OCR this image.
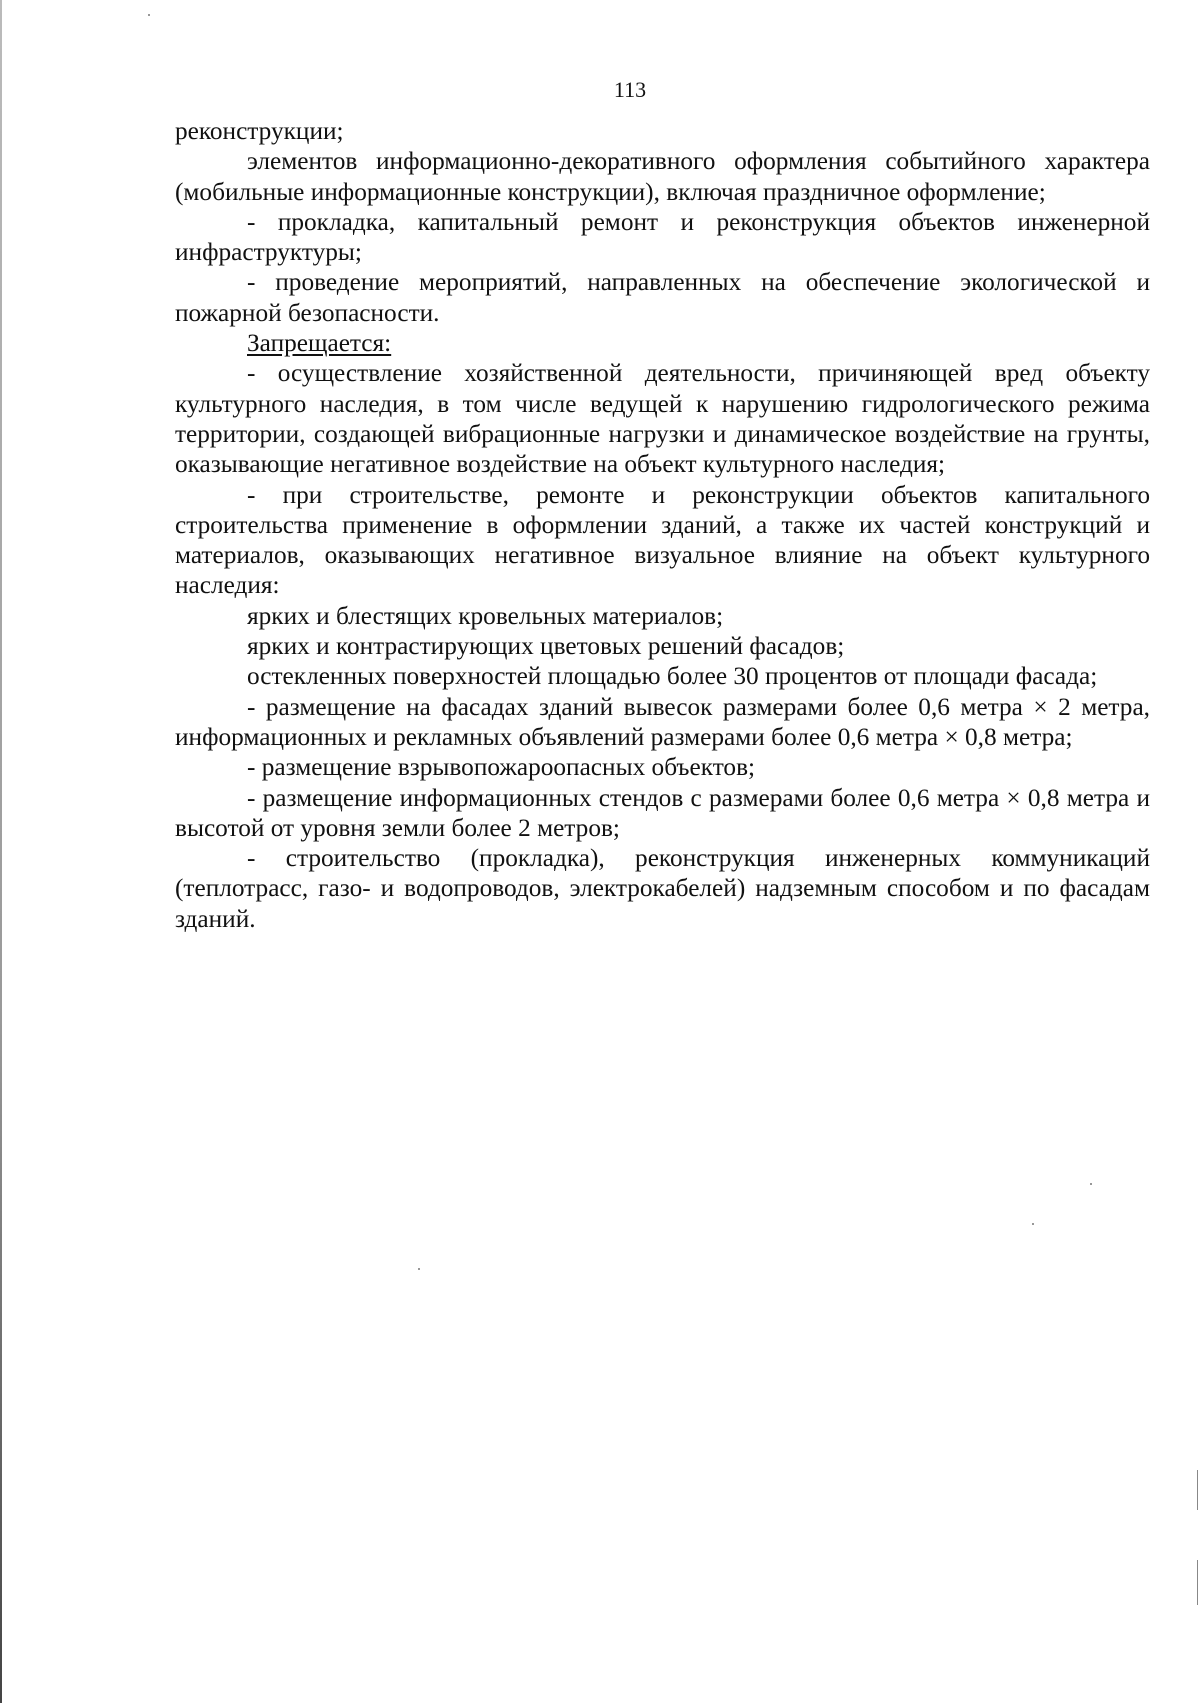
113

реконструкции;

элементов информационно-декоративного оформления событийного характера (мобильные информационные конструкции), включая праздничное оформление;

- прокладка, капитальный ремонт и реконструкция объектов инженерной инфраструктуры;

- проведение мероприятий, направленных на обеспечение экологической и пожарной безопасности.

Запрещается:

- осуществление хозяйственной деятельности, причиняющей вред объекту культурного наследия, в том числе ведущей к нарушению гидрологического режима территории, создающей вибрационные нагрузки и динамическое воздействие на грунты, оказывающие негативное воздействие на объект культурного наследия;

- при строительстве, ремонте и реконструкции объектов капитального строительства применение в оформлении зданий, а также их частей конструкций и материалов, оказывающих негативное визуальное влияние на объект культурного наследия:

ярких и блестящих кровельных материалов;

ярких и контрастирующих цветовых решений фасадов;

остекленных поверхностей площадью более 30 процентов от площади фасада;

- размещение на фасадах зданий вывесок размерами более 0,6 метра × 2 метра, информационных и рекламных объявлений размерами более 0,6 метра × 0,8 метра;

- размещение взрывопожароопасных объектов;

- размещение информационных стендов с размерами более 0,6 метра × 0,8 метра и высотой от уровня земли более 2 метров;

- строительство (прокладка), реконструкция инженерных коммуникаций (теплотрасс, газо- и водопроводов, электрокабелей) надземным способом и по фасадам зданий.
